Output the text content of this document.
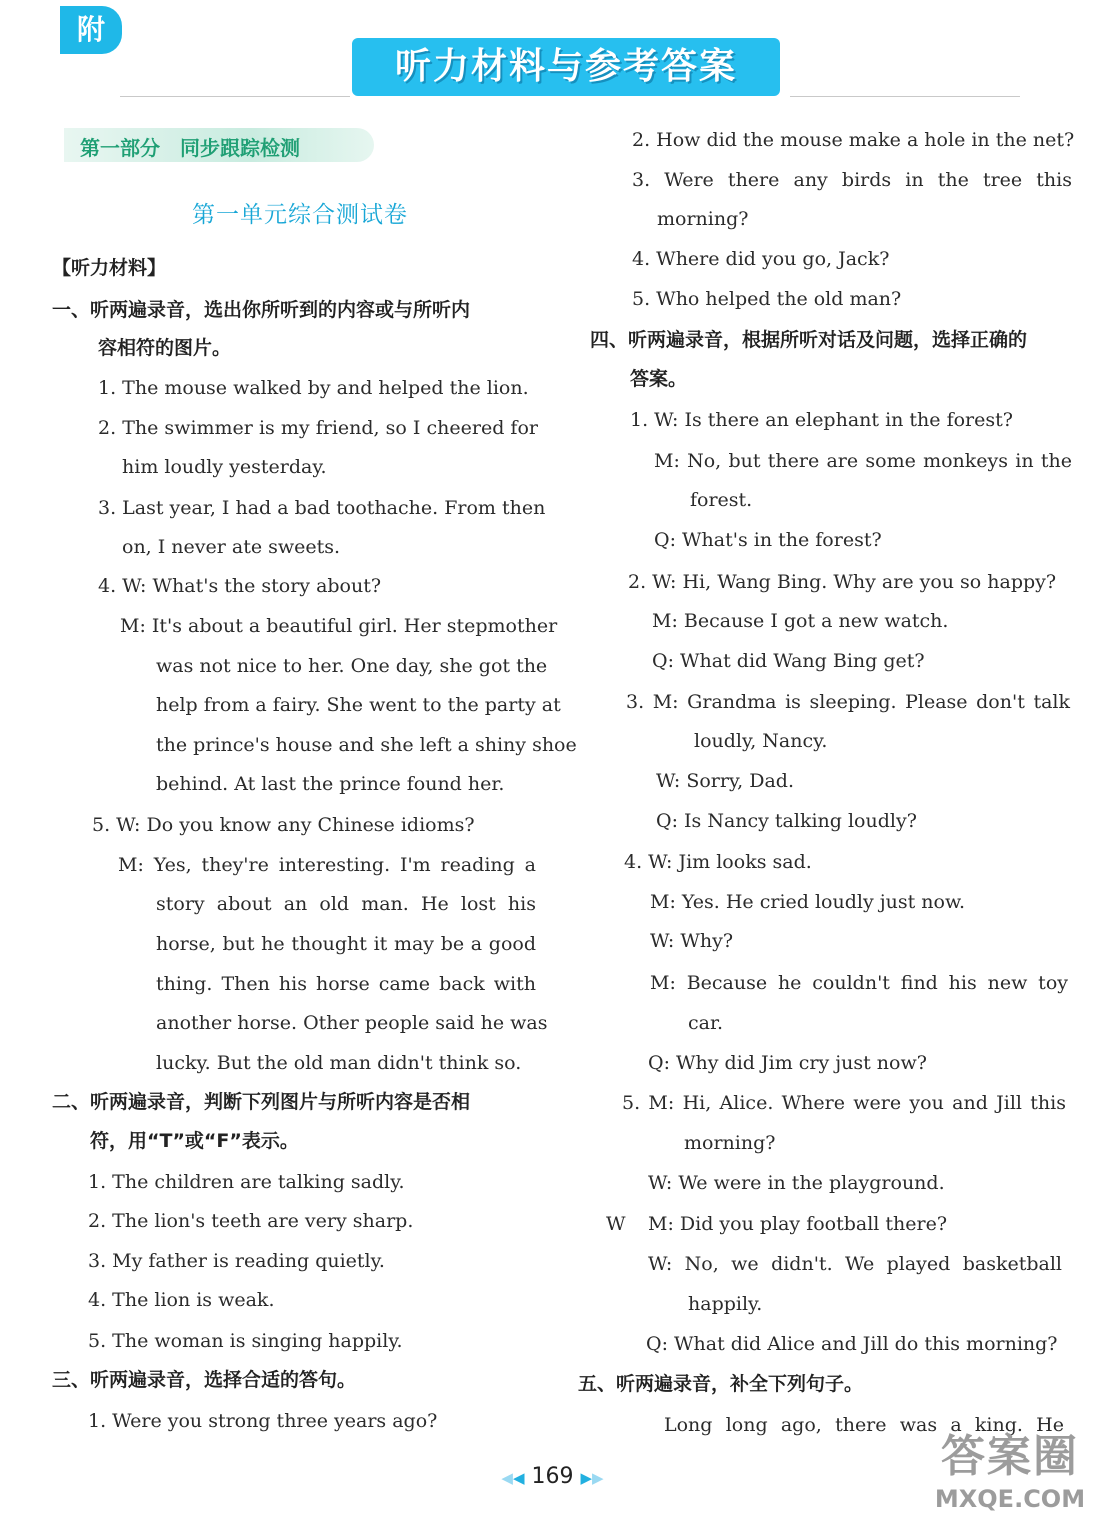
附
听力材料与参考答案
第一部分　同步跟踪检测
第一单元综合测试卷
【听力材料】
一、听两遍录音，选出你所听到的内容或与所听内
容相符的图片。
1. The mouse walked by and helped the lion.
2. The swimmer is my friend, so I cheered for
him loudly yesterday.
3. Last year, I had a bad toothache. From then
on, I never ate sweets.
4. W: What's the story about?
M: It's about a beautiful girl. Her stepmother
was not nice to her. One day, she got the
help from a fairy. She went to the party at
the prince's house and she left a shiny shoe
behind. At last the prince found her.
5. W: Do you know any Chinese idioms?
M: Yes, they're interesting. I'm reading a
story about an old man. He lost his
horse, but he thought it may be a good
thing. Then his horse came back with
another horse. Other people said he was
lucky. But the old man didn't think so.
二、听两遍录音，判断下列图片与所听内容是否相
符，用“T”或“F”表示。
1. The children are talking sadly.
2. The lion's teeth are very sharp.
3. My father is reading quietly.
4. The lion is weak.
5. The woman is singing happily.
三、听两遍录音，选择合适的答句。
1. Were you strong three years ago?
2. How did the mouse make a hole in the net?
3. Were there any birds in the tree this
morning?
4. Where did you go, Jack?
5. Who helped the old man?
四、听两遍录音，根据所听对话及问题，选择正确的
答案。
1. W: Is there an elephant in the forest?
M: No, but there are some monkeys in the
forest.
Q: What's in the forest?
2. W: Hi, Wang Bing. Why are you so happy?
M: Because I got a new watch.
Q: What did Wang Bing get?
3. M: Grandma is sleeping. Please don't talk
loudly, Nancy.
W: Sorry, Dad.
Q: Is Nancy talking loudly?
4. W: Jim looks sad.
M: Yes. He cried loudly just now.
W: Why?
M: Because he couldn't find his new toy
car.
Q: Why did Jim cry just now?
5. M: Hi, Alice. Where were you and Jill this
morning?
W: We were in the playground.
W M: Did you play football there?
W: No, we didn't. We played basketball
happily.
Q: What did Alice and Jill do this morning?
五、听两遍录音，补全下列句子。
Long long ago, there was a king. He
◀◀ 169 ▶▶	答案圈
MXQE.COM
